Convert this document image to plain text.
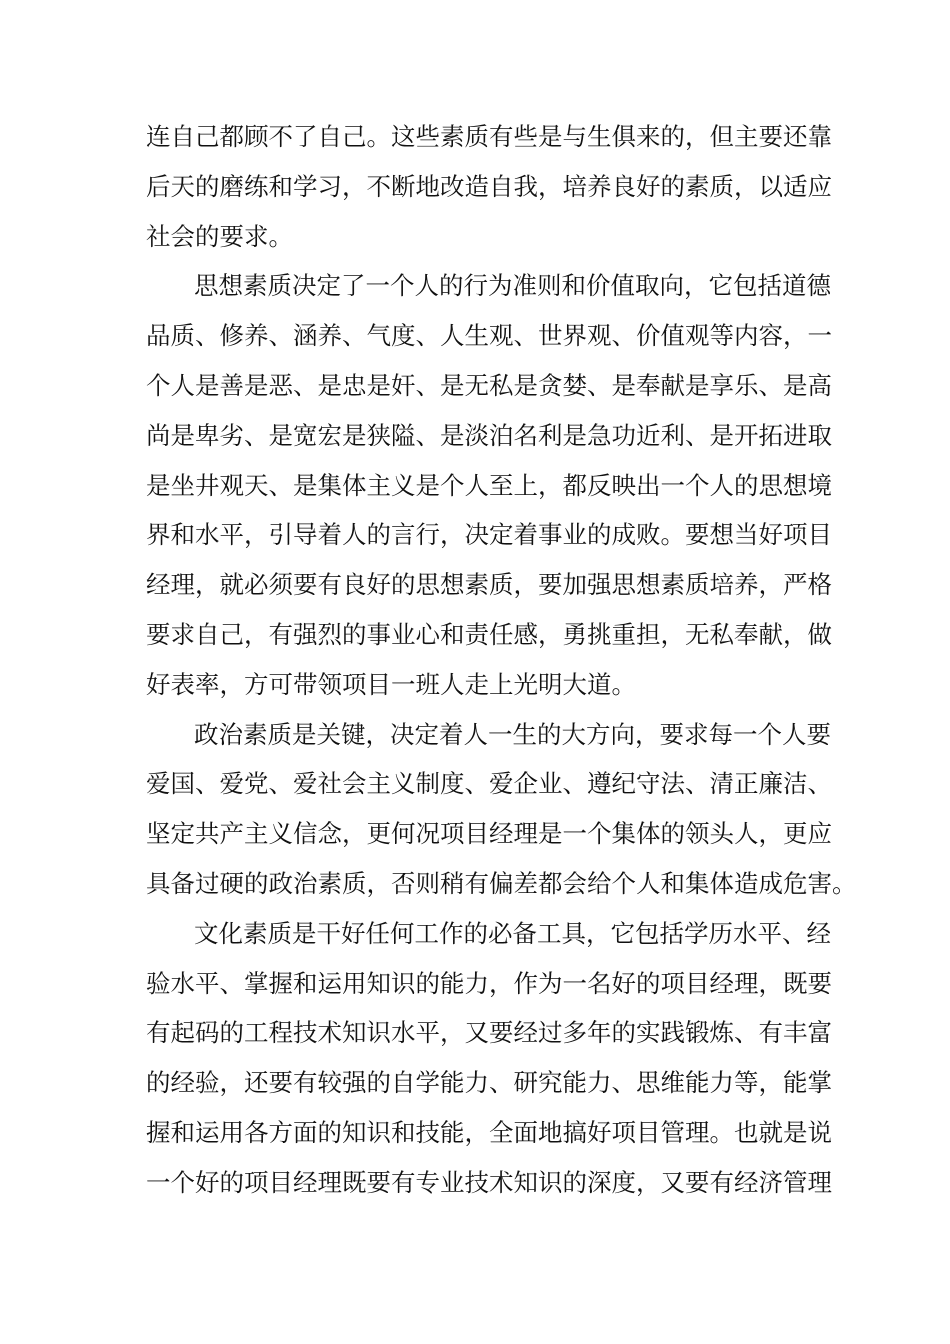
连自己都顾不了自己。这些素质有些是与生俱来的，但主要还靠
后天的磨练和学习，不断地改造自我，培养良好的素质，以适应
社会的要求。
思想素质决定了一个人的行为准则和价值取向，它包括道德
品质、修养、涵养、气度、人生观、世界观、价值观等内容，一
个人是善是恶、是忠是奸、是无私是贪婪、是奉献是享乐、是高
尚是卑劣、是宽宏是狭隘、是淡泊名利是急功近利、是开拓进取
是坐井观天、是集体主义是个人至上，都反映出一个人的思想境
界和水平，引导着人的言行，决定着事业的成败。要想当好项目
经理，就必须要有良好的思想素质，要加强思想素质培养，严格
要求自己，有强烈的事业心和责任感，勇挑重担，无私奉献，做
好表率，方可带领项目一班人走上光明大道。
政治素质是关键，决定着人一生的大方向，要求每一个人要
爱国、爱党、爱社会主义制度、爱企业、遵纪守法、清正廉洁、
坚定共产主义信念，更何况项目经理是一个集体的领头人，更应
具备过硬的政治素质，否则稍有偏差都会给个人和集体造成危害。
文化素质是干好任何工作的必备工具，它包括学历水平、经
验水平、掌握和运用知识的能力，作为一名好的项目经理，既要
有起码的工程技术知识水平，又要经过多年的实践锻炼、有丰富
的经验，还要有较强的自学能力、研究能力、思维能力等，能掌
握和运用各方面的知识和技能，全面地搞好项目管理。也就是说
一个好的项目经理既要有专业技术知识的深度，又要有经济管理
